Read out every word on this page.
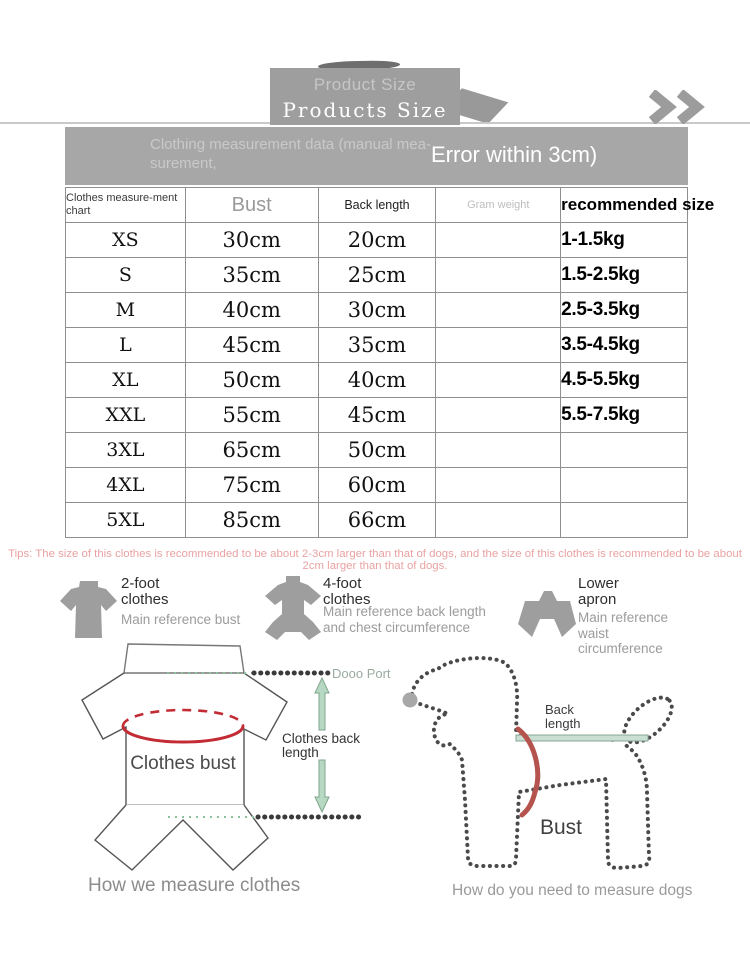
Product Size
Products Size
Clothing measurement data (manual mea-surement,	Error within 3cm)
Clothes measure-ment chart	Bust	Back length	Gram weight	recommended size
XS	30cm	20cm		1-1.5kg
S	35cm	25cm		1.5-2.5kg
M	40cm	30cm		2.5-3.5kg
L	45cm	35cm		3.5-4.5kg
XL	50cm	40cm		4.5-5.5kg
XXL	55cm	45cm		5.5-7.5kg
3XL	65cm	50cm		
4XL	75cm	60cm		
5XL	85cm	66cm		
Tips: The size of this clothes is recommended to be about 2-3cm larger than that of dogs, and the size of this clothes is recommended to be about 2cm larger than that of dogs.
2-foot
clothes
Main reference bust
4-foot
clothes
Main reference back length and chest circumference
Lower
apron
Main reference waist circumference
Clothes bust
Clothes back
length
Dooo Port
How we measure clothes
Back
length
Bust
How do you need to measure dogs
